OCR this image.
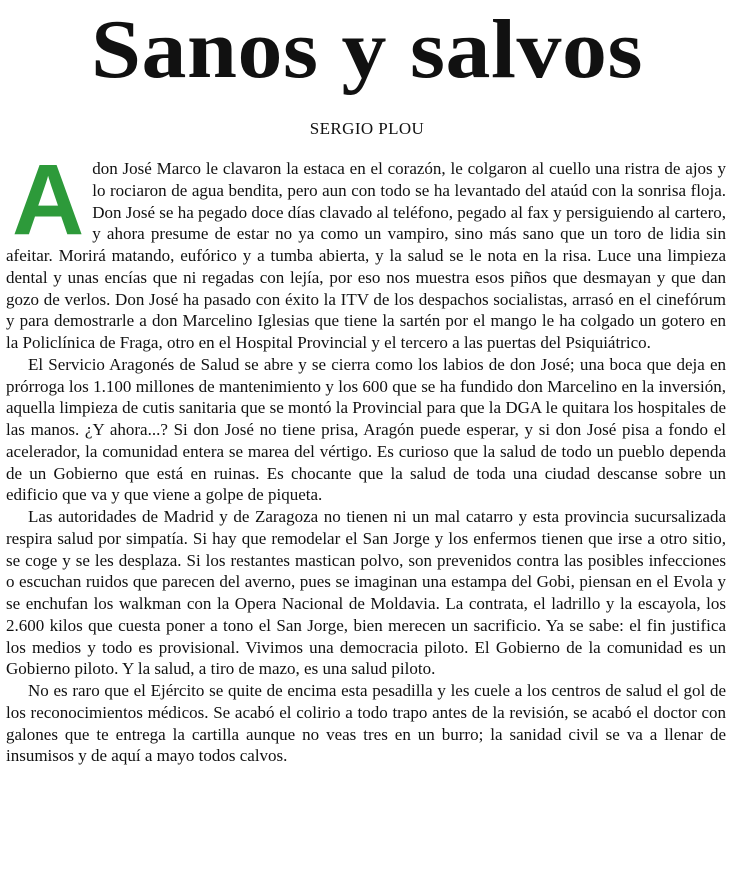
Sanos y salvos
SERGIO PLOU

A don José Marco le clavaron la estaca en el corazón, le colgaron al cuello una ristra de ajos y lo rociaron de agua bendita, pero aun con todo se ha levantado del ataúd con la sonrisa floja. Don José se ha pegado doce días clavado al teléfono, pegado al fax y persiguiendo al cartero, y ahora presume de estar no ya como un vampiro, sino más sano que un toro de lidia sin afeitar. Morirá matando, eufórico y a tumba abierta, y la salud se le nota en la risa. Luce una limpieza dental y unas encías que ni regadas con lejía, por eso nos muestra esos piños que desmayan y que dan gozo de verlos. Don José ha pasado con éxito la ITV de los despachos socialistas, arrasó en el cinefórum y para demostrarle a don Marcelino Iglesias que tiene la sartén por el mango le ha colgado un gotero en la Policlínica de Fraga, otro en el Hospital Provincial y el tercero a las puertas del Psiquiátrico.

El Servicio Aragonés de Salud se abre y se cierra como los labios de don José; una boca que deja en prórroga los 1.100 millones de mantenimiento y los 600 que se ha fundido don Marcelino en la inversión, aquella limpieza de cutis sanitaria que se montó la Provincial para que la DGA le quitara los hospitales de las manos. ¿Y ahora...? Si don José no tiene prisa, Aragón puede esperar, y si don José pisa a fondo el acelerador, la comunidad entera se marea del vértigo. Es curioso que la salud de todo un pueblo dependa de un Gobierno que está en ruinas. Es chocante que la salud de toda una ciudad descanse sobre un edificio que va y que viene a golpe de piqueta.

Las autoridades de Madrid y de Zaragoza no tienen ni un mal catarro y esta provincia sucursalizada respira salud por simpatía. Si hay que remodelar el San Jorge y los enfermos tienen que irse a otro sitio, se coge y se les desplaza. Si los restantes mastican polvo, son prevenidos contra las posibles infecciones o escuchan ruidos que parecen del averno, pues se imaginan una estampa del Gobi, piensan en el Evola y se enchufan los walkman con la Opera Nacional de Moldavia. La contrata, el ladrillo y la escayola, los 2.600 kilos que cuesta poner a tono el San Jorge, bien merecen un sacrificio. Ya se sabe: el fin justifica los medios y todo es provisional. Vivimos una democracia piloto. El Gobierno de la comunidad es un Gobierno piloto. Y la salud, a tiro de mazo, es una salud piloto.

No es raro que el Ejército se quite de encima esta pesadilla y les cuele a los centros de salud el gol de los reconocimientos médicos. Se acabó el colirio a todo trapo antes de la revisión, se acabó el doctor con galones que te entrega la cartilla aunque no veas tres en un burro; la sanidad civil se va a llenar de insumisos y de aquí a mayo todos calvos.
